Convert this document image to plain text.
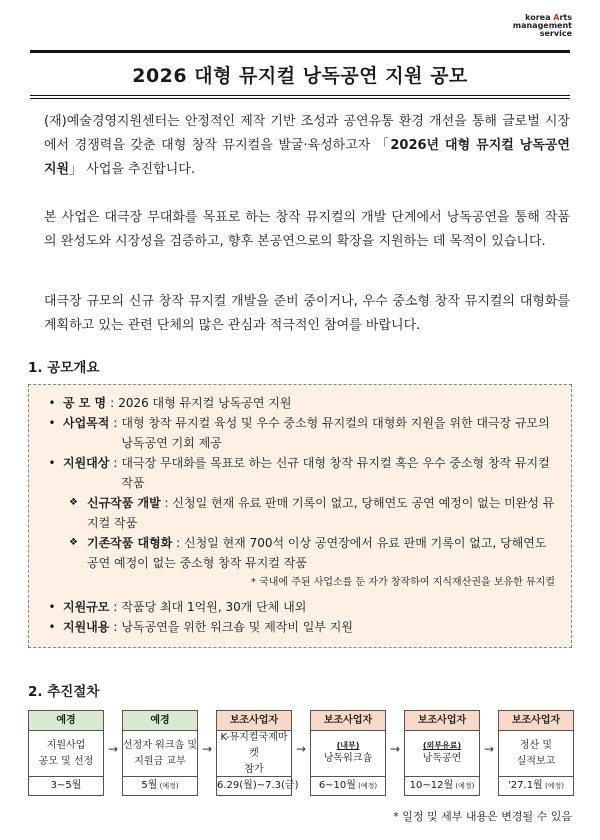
korea Arts
management
service
2026 대형 뮤지컬 낭독공연 지원 공모

(재)예술경영지원센터는 안정적인 제작 기반 조성과 공연유통 환경 개선을 통해 글로벌 시장에서 경쟁력을 갖춘 대형 창작 뮤지컬을 발굴·육성하고자 「2026년 대형 뮤지컬 낭독공연 지원」 사업을 추진합니다.

본 사업은 대극장 무대화를 목표로 하는 창작 뮤지컬의 개발 단계에서 낭독공연을 통해 작품의 완성도와 시장성을 검증하고, 향후 본공연으로의 확장을 지원하는 데 목적이 있습니다.

대극장 규모의 신규 창작 뮤지컬 개발을 준비 중이거나, 우수 중소형 창작 뮤지컬의 대형화를 계획하고 있는 관련 단체의 많은 관심과 적극적인 참여를 바랍니다.

1. 공모개요
• 공 모 명 : 2026 대형 뮤지컬 낭독공연 지원
• 사업목적 : 대형 창작 뮤지컬 육성 및 우수 중소형 뮤지컬의 대형화 지원을 위한 대극장 규모의 낭독공연 기회 제공
• 지원대상 : 대극장 무대화를 목표로 하는 신규 대형 창작 뮤지컬 혹은 우수 중소형 창작 뮤지컬 작품
❖ 신규작품 개발 : 신청일 현재 유료 판매 기록이 없고, 당해연도 공연 예정이 없는 미완성 뮤지컬 작품
❖ 기존작품 대형화 : 신청일 현재 700석 이상 공연장에서 유료 판매 기록이 없고, 당해연도 공연 예정이 없는 중소형 창작 뮤지컬 작품
* 국내에 주된 사업소를 둔 자가 창작하여 지식재산권을 보유한 뮤지컬
• 지원규모 : 작품당 최대 1억원, 30개 단체 내외
• 지원내용 : 낭독공연을 위한 워크숍 및 제작비 일부 지원
2. 추진절차
예경
지원사업
공모 및 선정
3~5월
→
예경
선정자 워크숍 및
지원금 교부
5월 (예정)
→
보조사업자
K-뮤지컬국제마켓
참가
6.29(월)~7.3(금)
→
보조사업자
(내부)
낭독워크숍
6~10월 (예정)
→
보조사업자
(외부유료)
낭독공연
10~12월 (예정)
→
보조사업자
정산 및
실적보고
'27.1월 (예정)
* 일정 및 세부 내용은 변경될 수 있음
